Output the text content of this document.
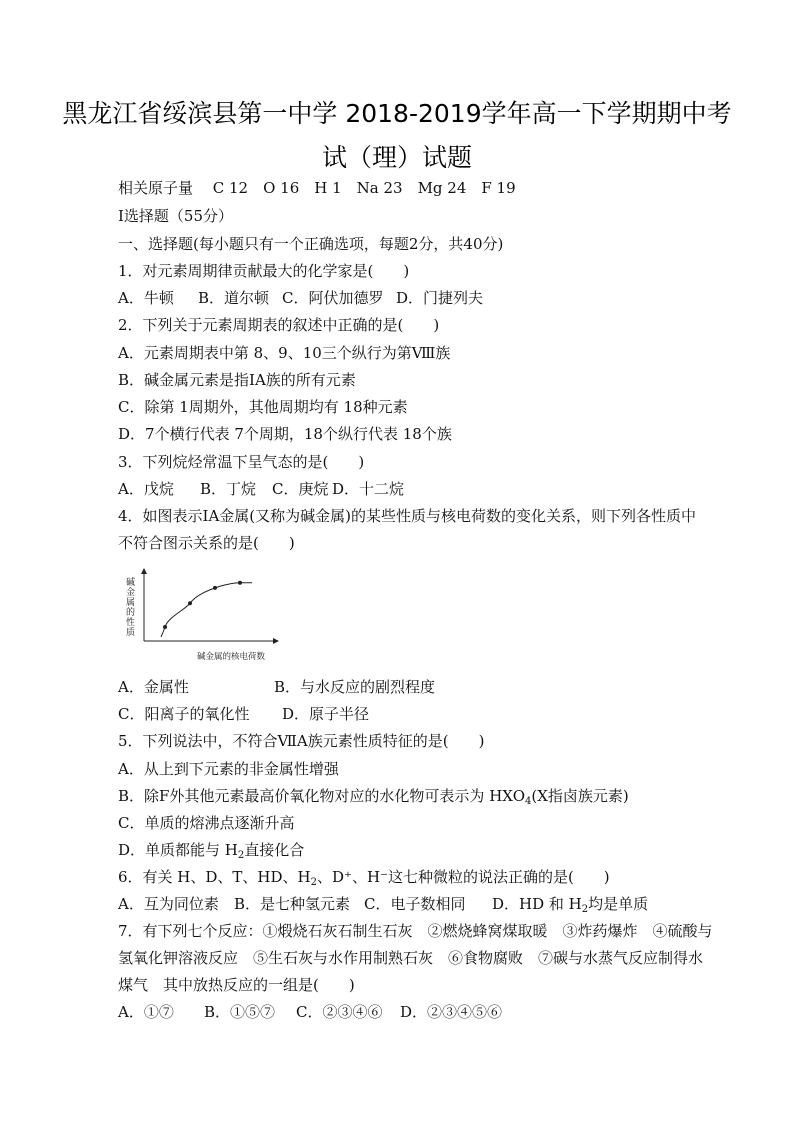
黑龙江省绥滨县第一中学 2018-2019学年高一下学期期中考
试（理）试题
相关原子量　 C 12　O 16　H 1　Na 23　Mg 24　F 19
Ⅰ选择题（55分）
一、选择题(每小题只有一个正确选项，每题2分，共40分)
1．对元素周期律贡献最大的化学家是(　　)
A．牛顿 B．道尔顿 C．阿伏加德罗 D．门捷列夫
2．下列关于元素周期表的叙述中正确的是(　　)
A．元素周期表中第 8、9、10三个纵行为第Ⅷ族
B．碱金属元素是指ⅠA族的所有元素
C．除第 1周期外，其他周期均有 18种元素
D．7个横行代表 7个周期，18个纵行代表 18个族
3．下列烷烃常温下呈气态的是(　　)
A．戊烷 B．丁烷 C．庚烷 D．十二烷
4．如图表示ⅠA金属(又称为碱金属)的某些性质与核电荷数的变化关系，则下列各性质中
不符合图示关系的是(　　)
碱金属的性质
碱金属的核电荷数
A．金属性	B．与水反应的剧烈程度
C．阳离子的氧化性 D．原子半径
5．下列说法中，不符合ⅦA族元素性质特征的是(　　)
A．从上到下元素的非金属性增强
B．除F外其他元素最高价氧化物对应的水化物可表示为 $HXO_4(X$指卤族元素)
C．单质的熔沸点逐渐升高
D．单质都能与 $H_2$直接化合
6．有关 H、D、T、HD、$H_2$、D⁺、H⁻这七种微粒的说法正确的是(　　)
A．互为同位素 B．是七种氢元素 C．电子数相同 D．HD 和 $H_2$均是单质
7．有下列七个反应：①煅烧石灰石制生石灰　②燃烧蜂窝煤取暖　③炸药爆炸　④硫酸与
氢氧化钾溶液反应　⑤生石灰与水作用制熟石灰　⑥食物腐败　⑦碳与水蒸气反应制得水
煤气　其中放热反应的一组是(　　)
A．①⑦ B．①⑤⑦ C．②③④⑥ D．②③④⑤⑥
